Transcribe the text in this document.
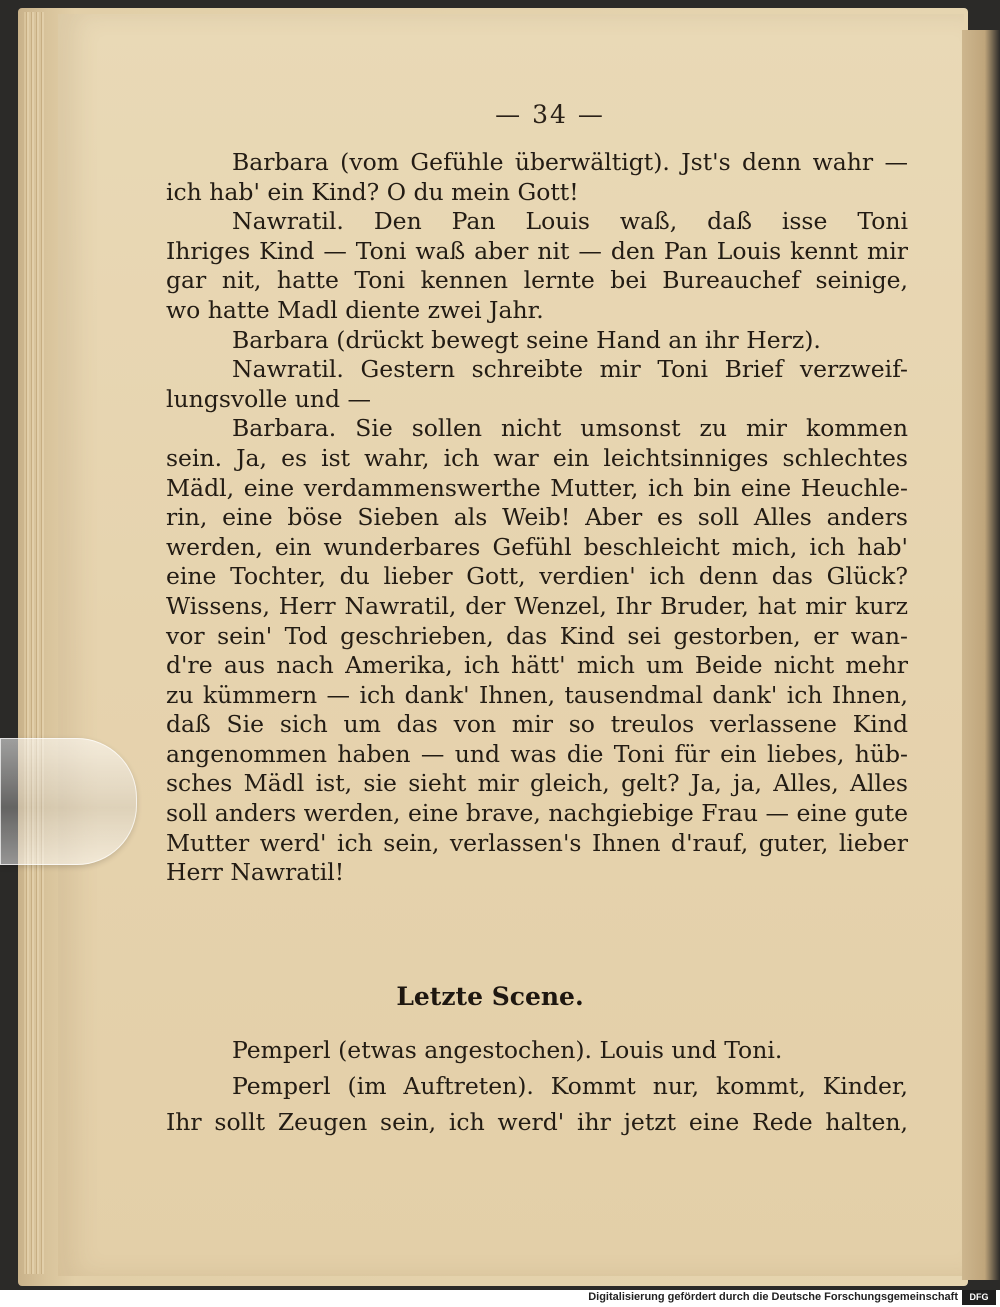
— 34 —
Barbara (vom Gefühle überwältigt). Jst's denn wahr —
ich hab' ein Kind? O du mein Gott!
Nawratil. Den Pan Louis waß, daß isse Toni
Ihriges Kind — Toni waß aber nit — den Pan Louis kennt mir
gar nit, hatte Toni kennen lernte bei Bureauchef seinige,
wo hatte Madl diente zwei Jahr.
Barbara (drückt bewegt seine Hand an ihr Herz).
Nawratil. Gestern schreibte mir Toni Brief verzweif-
lungsvolle und —
Barbara. Sie sollen nicht umsonst zu mir kommen
sein. Ja, es ist wahr, ich war ein leichtsinniges schlechtes
Mädl, eine verdammenswerthe Mutter, ich bin eine Heuchle-
rin, eine böse Sieben als Weib! Aber es soll Alles anders
werden, ein wunderbares Gefühl beschleicht mich, ich hab'
eine Tochter, du lieber Gott, verdien' ich denn das Glück?
Wissens, Herr Nawratil, der Wenzel, Ihr Bruder, hat mir kurz
vor sein' Tod geschrieben, das Kind sei gestorben, er wan-
d're aus nach Amerika, ich hätt' mich um Beide nicht mehr
zu kümmern — ich dank' Ihnen, tausendmal dank' ich Ihnen,
daß Sie sich um das von mir so treulos verlassene Kind
angenommen haben — und was die Toni für ein liebes, hüb-
sches Mädl ist, sie sieht mir gleich, gelt? Ja, ja, Alles, Alles
soll anders werden, eine brave, nachgiebige Frau — eine gute
Mutter werd' ich sein, verlassen's Ihnen d'rauf, guter, lieber
Herr Nawratil!
Letzte Scene.
Pemperl (etwas angestochen). Louis und Toni.
Pemperl (im Auftreten). Kommt nur, kommt, Kinder,
Ihr sollt Zeugen sein, ich werd' ihr jetzt eine Rede halten,
Digitalisierung gefördert durch die Deutsche Forschungsgemeinschaft	DFG
